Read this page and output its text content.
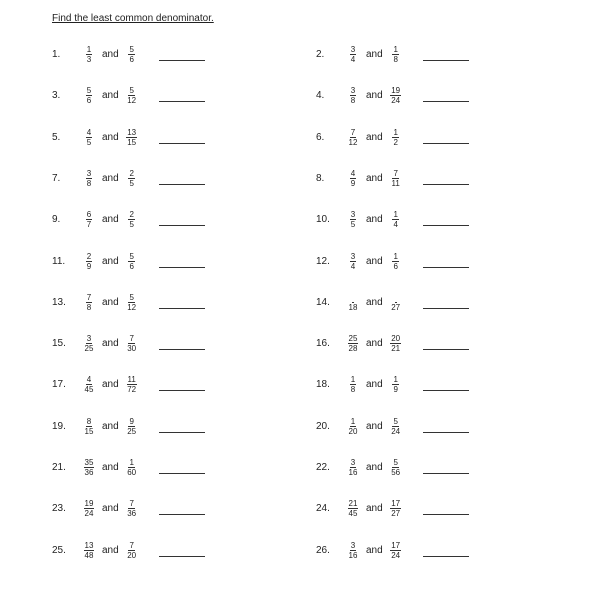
Find the least common denominator.
1.	$\frac{1}{3}$ and $\frac{5}{6}$	2.	$\frac{3}{4}$ and $\frac{1}{8}$
3.	$\frac{5}{6}$ and $\frac{5}{12}$	4.	$\frac{3}{8}$ and $\frac{19}{24}$
5.	$\frac{4}{5}$ and $\frac{13}{15}$	6.	$\frac{7}{12}$ and $\frac{1}{2}$
7.	$\frac{3}{8}$ and $\frac{2}{5}$	8.	$\frac{4}{9}$ and $\frac{7}{11}$
9.	$\frac{6}{7}$ and $\frac{2}{5}$	10.	$\frac{3}{5}$ and $\frac{1}{4}$
11.	$\frac{2}{9}$ and $\frac{5}{6}$	12.	$\frac{3}{4}$ and $\frac{1}{6}$
13.	$\frac{7}{8}$ and $\frac{5}{12}$	14.	18 and 27
15.	$\frac{3}{25}$ and $\frac{7}{30}$	16.	$\frac{25}{28}$ and $\frac{20}{21}$
17.	$\frac{4}{45}$ and $\frac{11}{72}$	18.	$\frac{1}{8}$ and $\frac{1}{9}$
19.	$\frac{8}{15}$ and $\frac{9}{25}$	20.	$\frac{1}{20}$ and $\frac{5}{24}$
21.	$\frac{35}{36}$ and $\frac{1}{60}$	22.	$\frac{3}{16}$ and $\frac{5}{56}$
23.	$\frac{19}{24}$ and $\frac{7}{36}$	24.	$\frac{21}{45}$ and $\frac{17}{27}$
25.	$\frac{13}{48}$ and $\frac{7}{20}$	26.	$\frac{3}{16}$ and $\frac{17}{24}$
